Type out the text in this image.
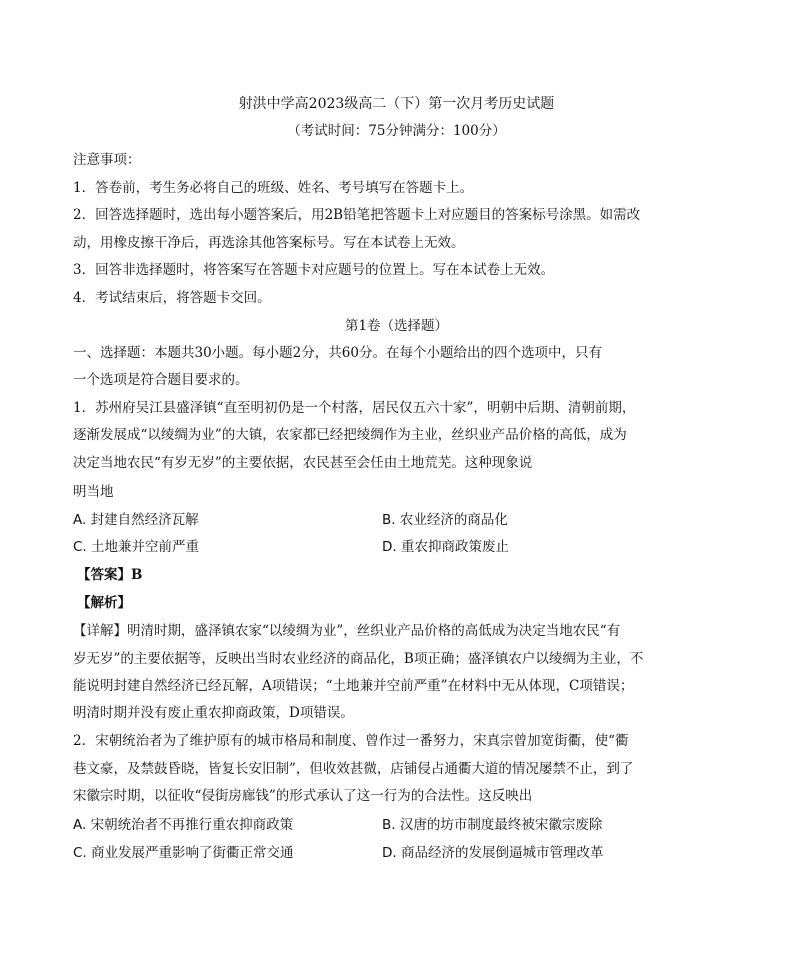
射洪中学高2023级高二（下）第一次月考历史试题
（考试时间：75分钟满分：100分）
注意事项：
1．答卷前，考生务必将自己的班级、姓名、考号填写在答题卡上。
2．回答选择题时，选出每小题答案后，用2B铅笔把答题卡上对应题目的答案标号涂黑。如需改
动，用橡皮擦干净后，再选涂其他答案标号。写在本试卷上无效。
3．回答非选择题时，将答案写在答题卡对应题号的位置上。写在本试卷上无效。
4．考试结束后，将答题卡交回。
第1卷（选择题）
一、选择题：本题共30小题。每小题2分，共60分。在每个小题给出的四个选项中，只有
一个选项是符合题目要求的。
1．苏州府吴江县盛泽镇“直至明初仍是一个村落，居民仅五六十家”，明朝中后期、清朝前期，
逐渐发展成“以绫绸为业”的大镇，农家都已经把绫绸作为主业，丝织业产品价格的高低，成为
决定当地农民“有岁无岁”的主要依据，农民甚至会任由土地荒芜。这种现象说
明当地
A. 封建自然经济瓦解	B. 农业经济的商品化
C. 土地兼并空前严重	D. 重农抑商政策废止
【答案】B
【解析】
【详解】明清时期，盛泽镇农家“以绫绸为业”，丝织业产品价格的高低成为决定当地农民“有
岁无岁”的主要依据等，反映出当时农业经济的商品化，B项正确；盛泽镇农户以绫绸为主业，不
能说明封建自然经济已经瓦解，A项错误；“土地兼并空前严重”在材料中无从体现，C项错误；
明清时期并没有废止重农抑商政策，D项错误。
2．宋朝统治者为了维护原有的城市格局和制度、曾作过一番努力，宋真宗曾加宽街衢，使“衢
巷文豪，及禁鼓昏晓，皆复长安旧制”，但收效甚微，店铺侵占通衢大道的情况屡禁不止，到了
宋徽宗时期，以征收“侵街房廊钱”的形式承认了这一行为的合法性。这反映出
A. 宋朝统治者不再推行重农抑商政策	B. 汉唐的坊市制度最终被宋徽宗废除
C. 商业发展严重影响了街衢正常交通	D. 商品经济的发展倒逼城市管理改革
